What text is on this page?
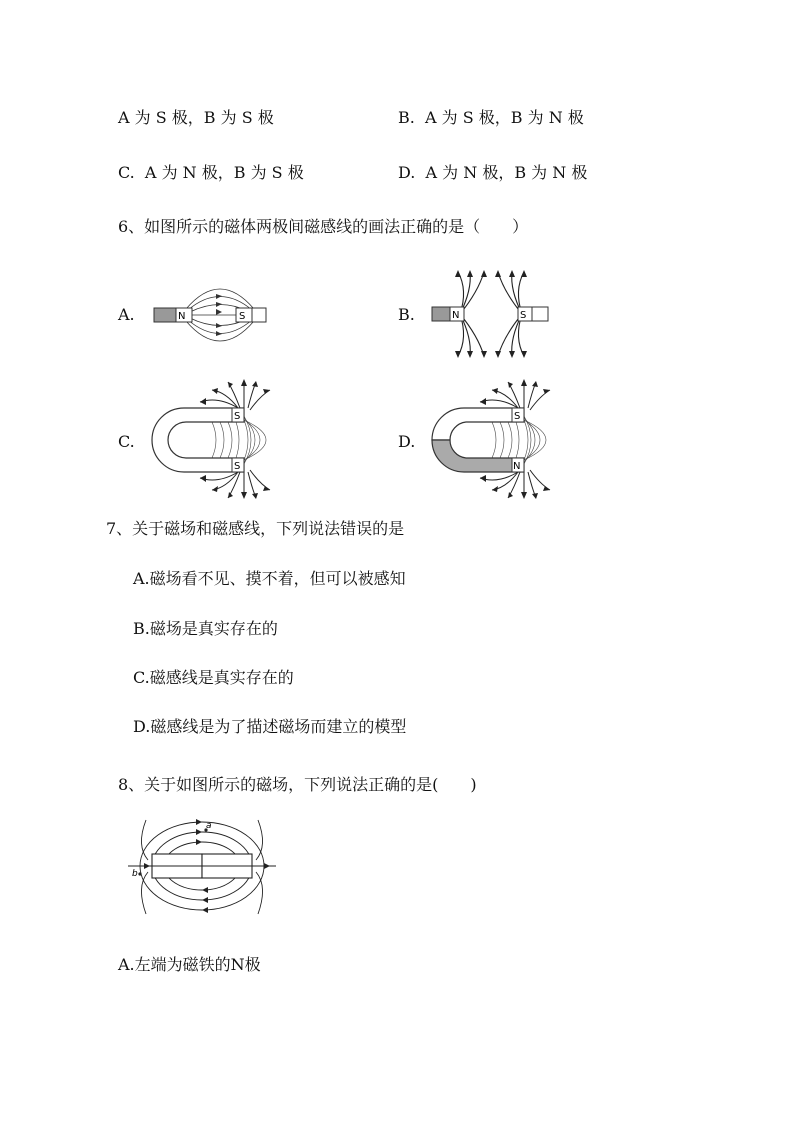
A 为 S 极，B 为 S 极	B.  A 为 S 极，B 为 N 极
C.  A 为 N 极，B 为 S 极	D.  A 为 N 极，B 为 N 极
6、如图所示的磁体两极间磁感线的画法正确的是（　　）
A.	N	S	B.	N	S
C.
S
S
D.
S
N
7、关于磁场和磁感线，下列说法错误的是
A.磁场看不见、摸不着，但可以被感知
B.磁场是真实存在的
C.磁感线是真实存在的
D.磁感线是为了描述磁场而建立的模型
8、关于如图所示的磁场，下列说法正确的是(　　)
a
b
A.左端为磁铁的N极
